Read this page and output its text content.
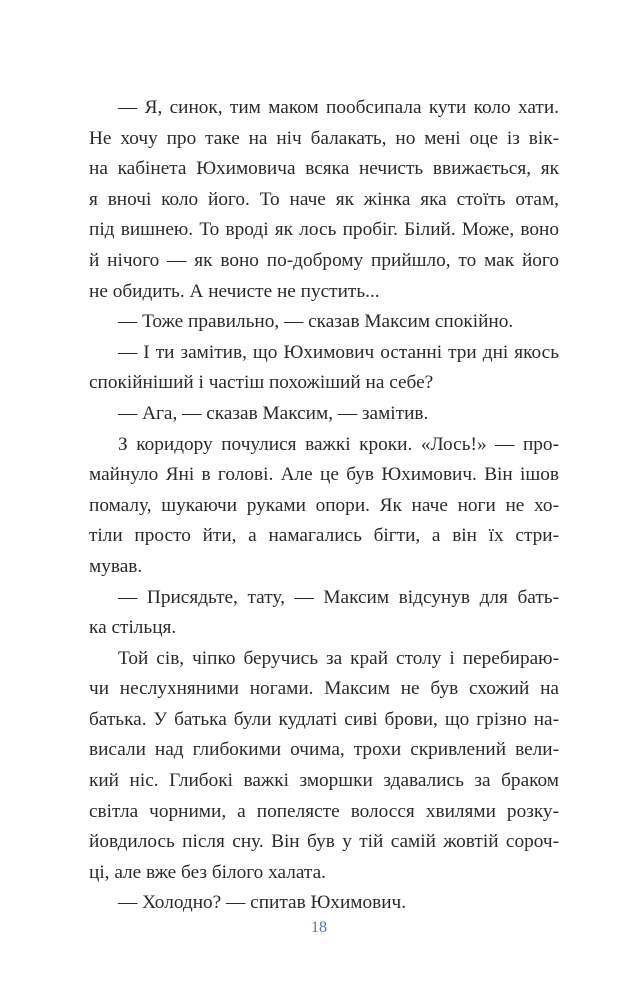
— Я, синок, тим маком пообсипала кути коло хати.
Не хочу про таке на ніч балакать, но мені оце із вік-
на кабінета Юхимовича всяка нечисть ввижається, як
я вночі коло його. То наче як жінка яка стоїть отам,
під вишнею. То вроді як лось пробіг. Білий. Може, воно
й нічого — як воно по-доброму прийшло, то мак його
не обидить. А нечисте не пустить...
— Тоже правильно, — сказав Максим спокійно.
— І ти замітив, що Юхимович останні три дні якось
спокійніший і частіш похожіший на себе?
— Ага, — сказав Максим, — замітив.
З коридору почулися важкі кроки. «Лось!» — про-
майнуло Яні в голові. Але це був Юхимович. Він ішов
помалу, шукаючи руками опори. Як наче ноги не хо-
тіли просто йти, а намагались бігти, а він їх стри-
мував.
— Присядьте, тату, — Максим відсунув для бать-
ка стільця.
Той сів, чіпко беручись за край столу і перебираю-
чи неслухняними ногами. Максим не був схожий на
батька. У батька були кудлаті сиві брови, що грізно на-
висали над глибокими очима, трохи скривлений вели-
кий ніс. Глибокі важкі зморшки здавались за браком
світла чорними, а попелясте волосся хвилями розку-
йовдилось після сну. Він був у тій самій жовтій сороч-
ці, але вже без білого халата.
— Холодно? — спитав Юхимович.
18
